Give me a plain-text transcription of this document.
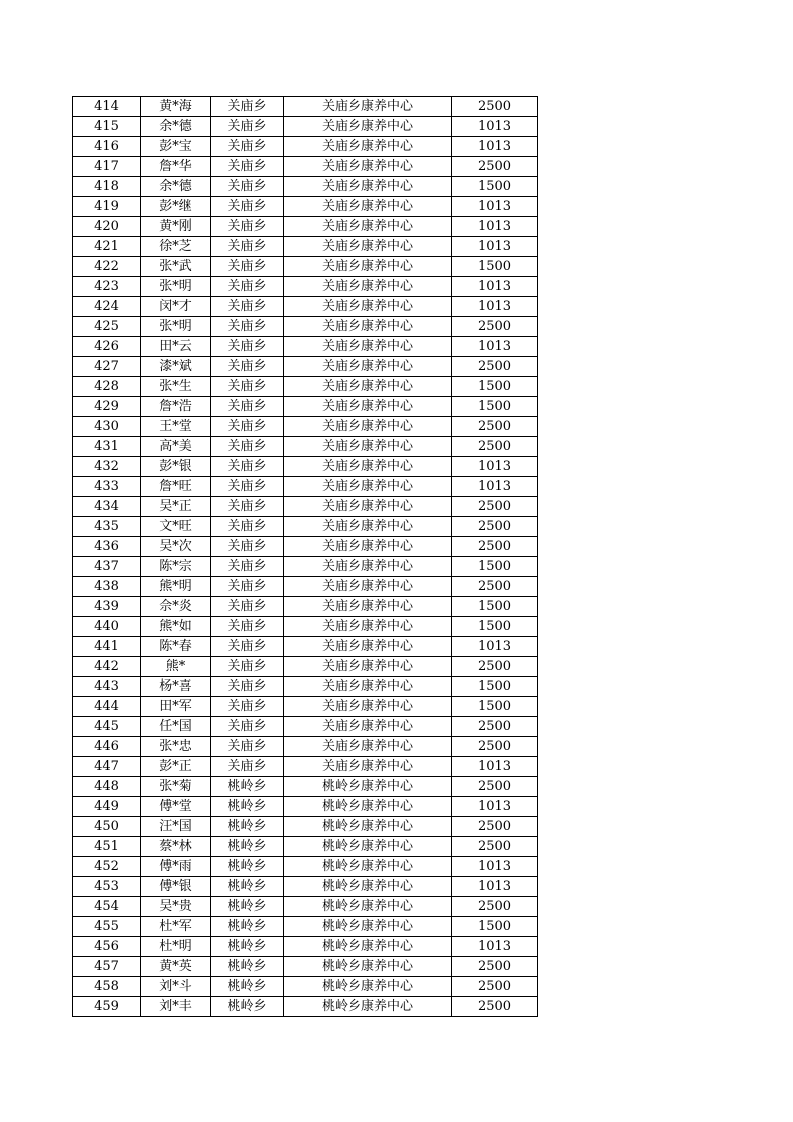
414	黄*海	关庙乡	关庙乡康养中心	2500
415	余*德	关庙乡	关庙乡康养中心	1013
416	彭*宝	关庙乡	关庙乡康养中心	1013
417	詹*华	关庙乡	关庙乡康养中心	2500
418	余*德	关庙乡	关庙乡康养中心	1500
419	彭*继	关庙乡	关庙乡康养中心	1013
420	黄*刚	关庙乡	关庙乡康养中心	1013
421	徐*芝	关庙乡	关庙乡康养中心	1013
422	张*武	关庙乡	关庙乡康养中心	1500
423	张*明	关庙乡	关庙乡康养中心	1013
424	闵*才	关庙乡	关庙乡康养中心	1013
425	张*明	关庙乡	关庙乡康养中心	2500
426	田*云	关庙乡	关庙乡康养中心	1013
427	漆*斌	关庙乡	关庙乡康养中心	2500
428	张*生	关庙乡	关庙乡康养中心	1500
429	詹*浩	关庙乡	关庙乡康养中心	1500
430	王*堂	关庙乡	关庙乡康养中心	2500
431	高*美	关庙乡	关庙乡康养中心	2500
432	彭*银	关庙乡	关庙乡康养中心	1013
433	詹*旺	关庙乡	关庙乡康养中心	1013
434	吴*正	关庙乡	关庙乡康养中心	2500
435	文*旺	关庙乡	关庙乡康养中心	2500
436	吴*次	关庙乡	关庙乡康养中心	2500
437	陈*宗	关庙乡	关庙乡康养中心	1500
438	熊*明	关庙乡	关庙乡康养中心	2500
439	佘*炎	关庙乡	关庙乡康养中心	1500
440	熊*如	关庙乡	关庙乡康养中心	1500
441	陈*春	关庙乡	关庙乡康养中心	1013
442	熊*	关庙乡	关庙乡康养中心	2500
443	杨*喜	关庙乡	关庙乡康养中心	1500
444	田*军	关庙乡	关庙乡康养中心	1500
445	任*国	关庙乡	关庙乡康养中心	2500
446	张*忠	关庙乡	关庙乡康养中心	2500
447	彭*正	关庙乡	关庙乡康养中心	1013
448	张*菊	桃岭乡	桃岭乡康养中心	2500
449	傅*堂	桃岭乡	桃岭乡康养中心	1013
450	汪*国	桃岭乡	桃岭乡康养中心	2500
451	蔡*林	桃岭乡	桃岭乡康养中心	2500
452	傅*雨	桃岭乡	桃岭乡康养中心	1013
453	傅*银	桃岭乡	桃岭乡康养中心	1013
454	吴*贵	桃岭乡	桃岭乡康养中心	2500
455	杜*军	桃岭乡	桃岭乡康养中心	1500
456	杜*明	桃岭乡	桃岭乡康养中心	1013
457	黄*英	桃岭乡	桃岭乡康养中心	2500
458	刘*斗	桃岭乡	桃岭乡康养中心	2500
459	刘*丰	桃岭乡	桃岭乡康养中心	2500
